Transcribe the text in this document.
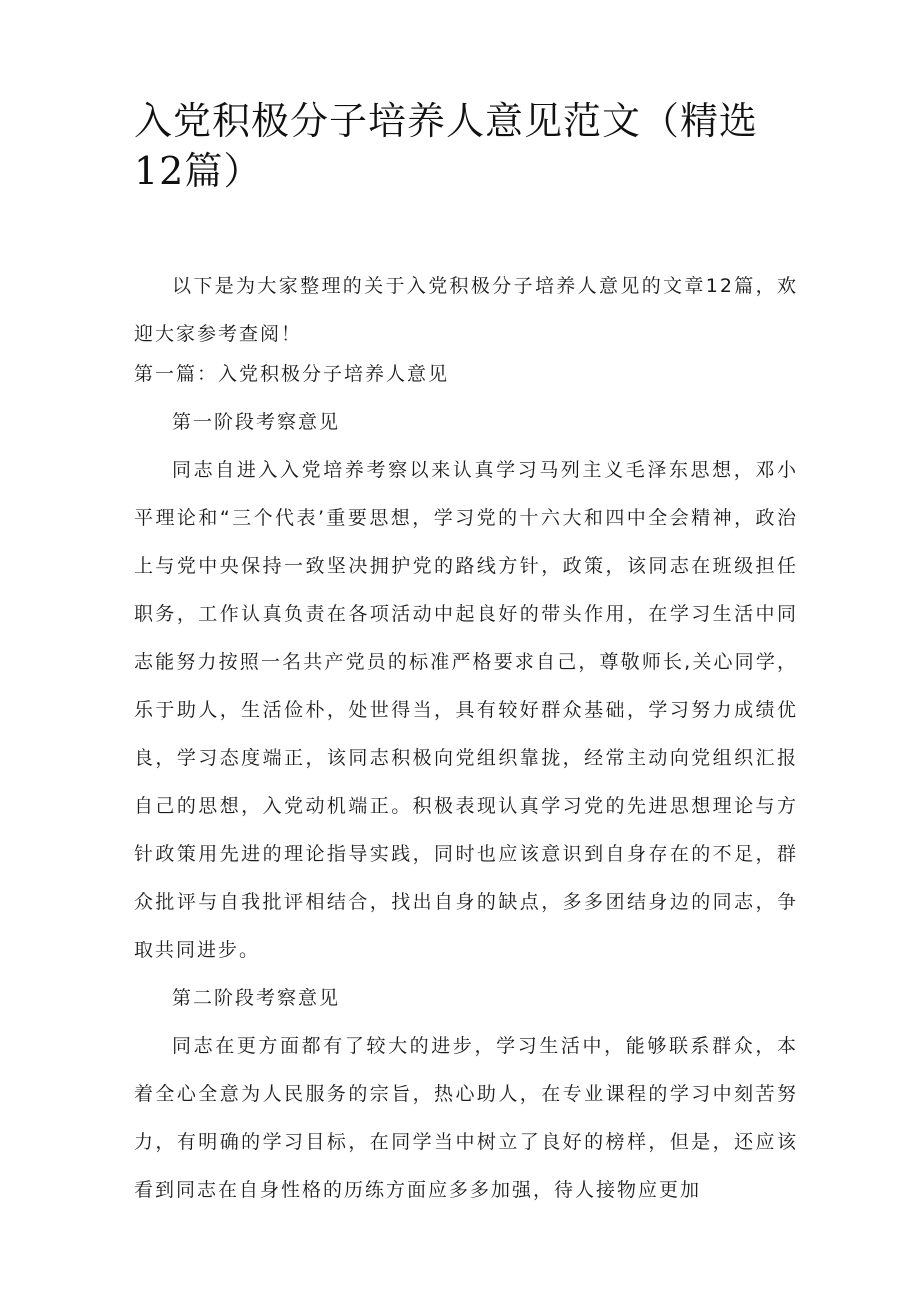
入党积极分子培养人意见范文（精选12篇）

以下是为大家整理的关于入党积极分子培养人意见的文章12篇，欢迎大家参考查阅！

第一篇：入党积极分子培养人意见

第一阶段考察意见

同志自进入入党培养考察以来认真学习马列主义毛泽东思想，邓小平理论和“三个代表’重要思想，学习党的十六大和四中全会精神，政治上与党中央保持一致坚决拥护党的路线方针，政策，该同志在班级担任职务，工作认真负责在各项活动中起良好的带头作用，在学习生活中同志能努力按照一名共产党员的标准严格要求自己，尊敬师长,关心同学，乐于助人，生活俭朴，处世得当，具有较好群众基础，学习努力成绩优良，学习态度端正，该同志积极向党组织靠拢，经常主动向党组织汇报自己的思想，入党动机端正。积极表现认真学习党的先进思想理论与方针政策用先进的理论指导实践，同时也应该意识到自身存在的不足，群众批评与自我批评相结合，找出自身的缺点，多多团结身边的同志，争取共同进步。

第二阶段考察意见

同志在更方面都有了较大的进步，学习生活中，能够联系群众，本着全心全意为人民服务的宗旨，热心助人，在专业课程的学习中刻苦努力，有明确的学习目标，在同学当中树立了良好的榜样，但是，还应该看到同志在自身性格的历练方面应多多加强，待人接物应更加
